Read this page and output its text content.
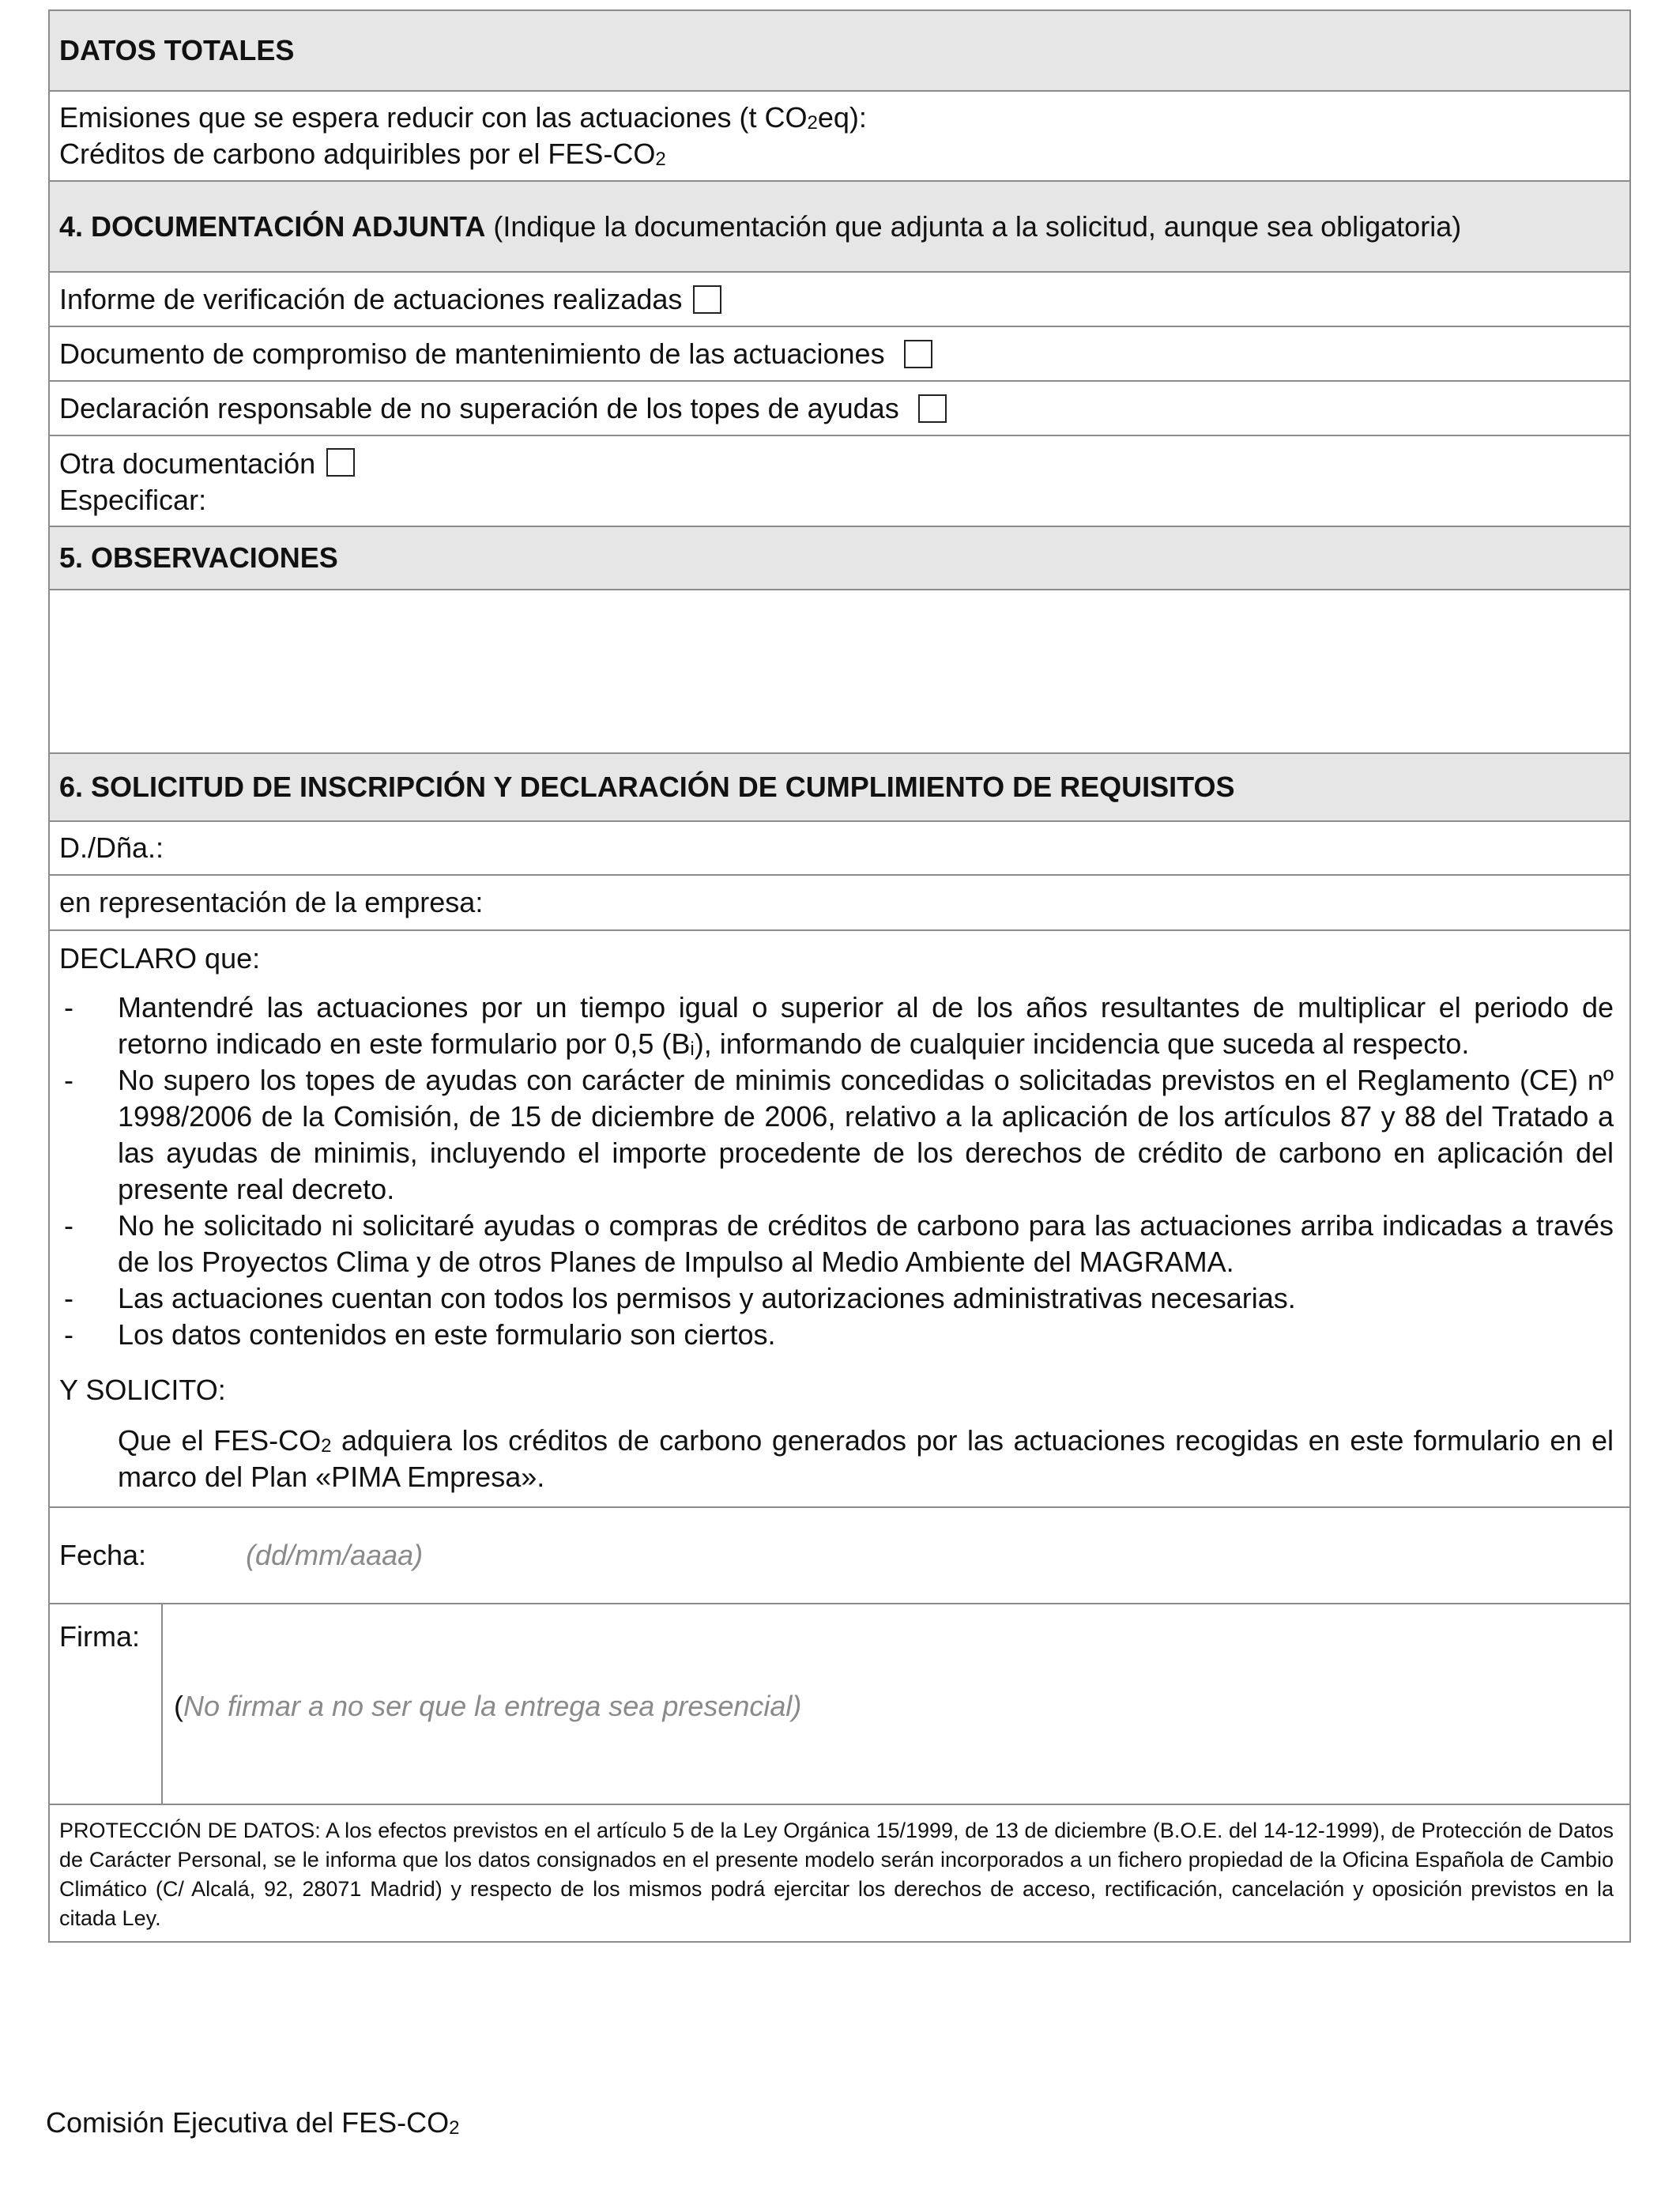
DATOS TOTALES
Emisiones que se espera reducir con las actuaciones (t $CO_2eq$):
Créditos de carbono adquiribles por el FES-$CO_2$
4. DOCUMENTACIÓN ADJUNTA
(Indique la documentación que adjunta a la solicitud, aunque sea obligatoria)
Informe de verificación de actuaciones realizadas
Documento de compromiso de mantenimiento de las actuaciones
Declaración responsable de no superación de los topes de ayudas
Otra documentación
Especificar:
5. OBSERVACIONES
6. SOLICITUD DE INSCRIPCIÓN Y DECLARACIÓN DE CUMPLIMIENTO DE REQUISITOS
D./Dña.:
en representación de la empresa:
DECLARO que:
- Mantendré las actuaciones por un tiempo igual o superior al de los años resultantes de multiplicar el periodo de retorno indicado en este formulario por 0,5 $(B_i)$, informando de cualquier incidencia que suceda al respecto.
- No supero los topes de ayudas con carácter de minimis concedidas o solicitadas previstos en el Reglamento (CE) nº 1998/2006 de la Comisión, de 15 de diciembre de 2006, relativo a la aplicación de los artículos 87 y 88 del Tratado a las ayudas de minimis, incluyendo el importe procedente de los derechos de crédito de carbono en aplicación del presente real decreto.
- No he solicitado ni solicitaré ayudas o compras de créditos de carbono para las actuaciones arriba indicadas a través de los Proyectos Clima y de otros Planes de Impulso al Medio Ambiente del MAGRAMA.
- Las actuaciones cuentan con todos los permisos y autorizaciones administrativas necesarias.
- Los datos contenidos en este formulario son ciertos.
Y SOLICITO:
Que el FES-$CO_2$ adquiera los créditos de carbono generados por las actuaciones recogidas en este formulario en el marco del Plan «PIMA Empresa».
Fecha:	(dd/mm/aaaa)
Firma:
(No firmar a no ser que la entrega sea presencial)
PROTECCIÓN DE DATOS: A los efectos previstos en el artículo 5 de la Ley Orgánica 15/1999, de 13 de diciembre (B.O.E. del 14-12-1999), de Protección de Datos de Carácter Personal, se le informa que los datos consignados en el presente modelo serán incorporados a un fichero propiedad de la Oficina Española de Cambio Climático (C/ Alcalá, 92, 28071 Madrid) y respecto de los mismos podrá ejercitar los derechos de acceso, rectificación, cancelación y oposición previstos en la citada Ley.
Comisión Ejecutiva del FES-$CO_2$
